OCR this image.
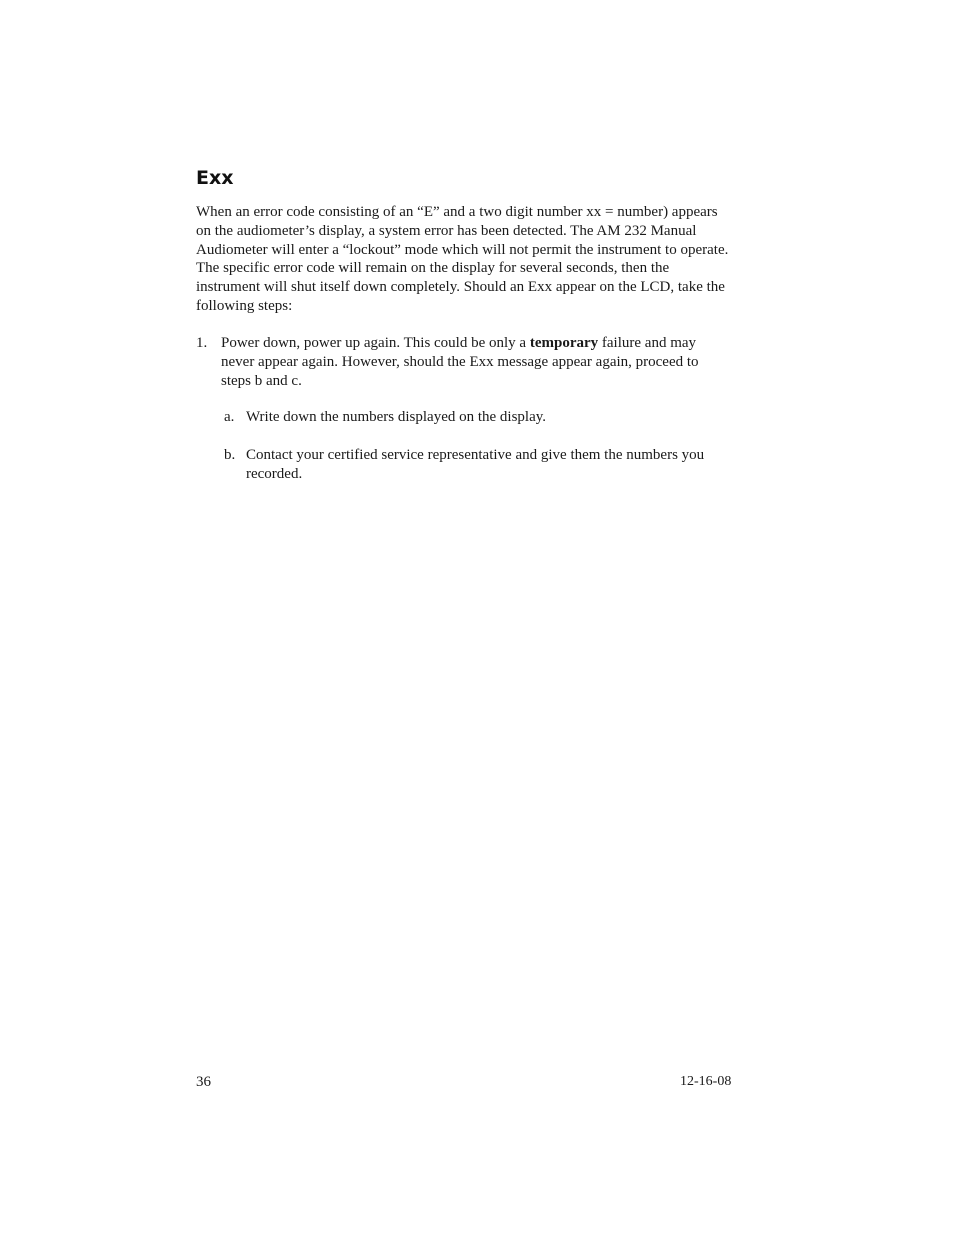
Exx

When an error code consisting of an “E” and a two digit number xx = number) appears on the audiometer’s display, a system error has been detected. The AM 232 Manual Audiometer will enter a “lockout” mode which will not permit the instrument to operate. The specific error code will remain on the display for several seconds, then the instrument will shut itself down completely. Should an Exx appear on the LCD, take the following steps:

1. Power down, power up again. This could be only a temporary failure and may never appear again. However, should the Exx message appear again, proceed to steps b and c.

a. Write down the numbers displayed on the display.

b. Contact your certified service representative and give them the numbers you recorded.

36	12-16-08
